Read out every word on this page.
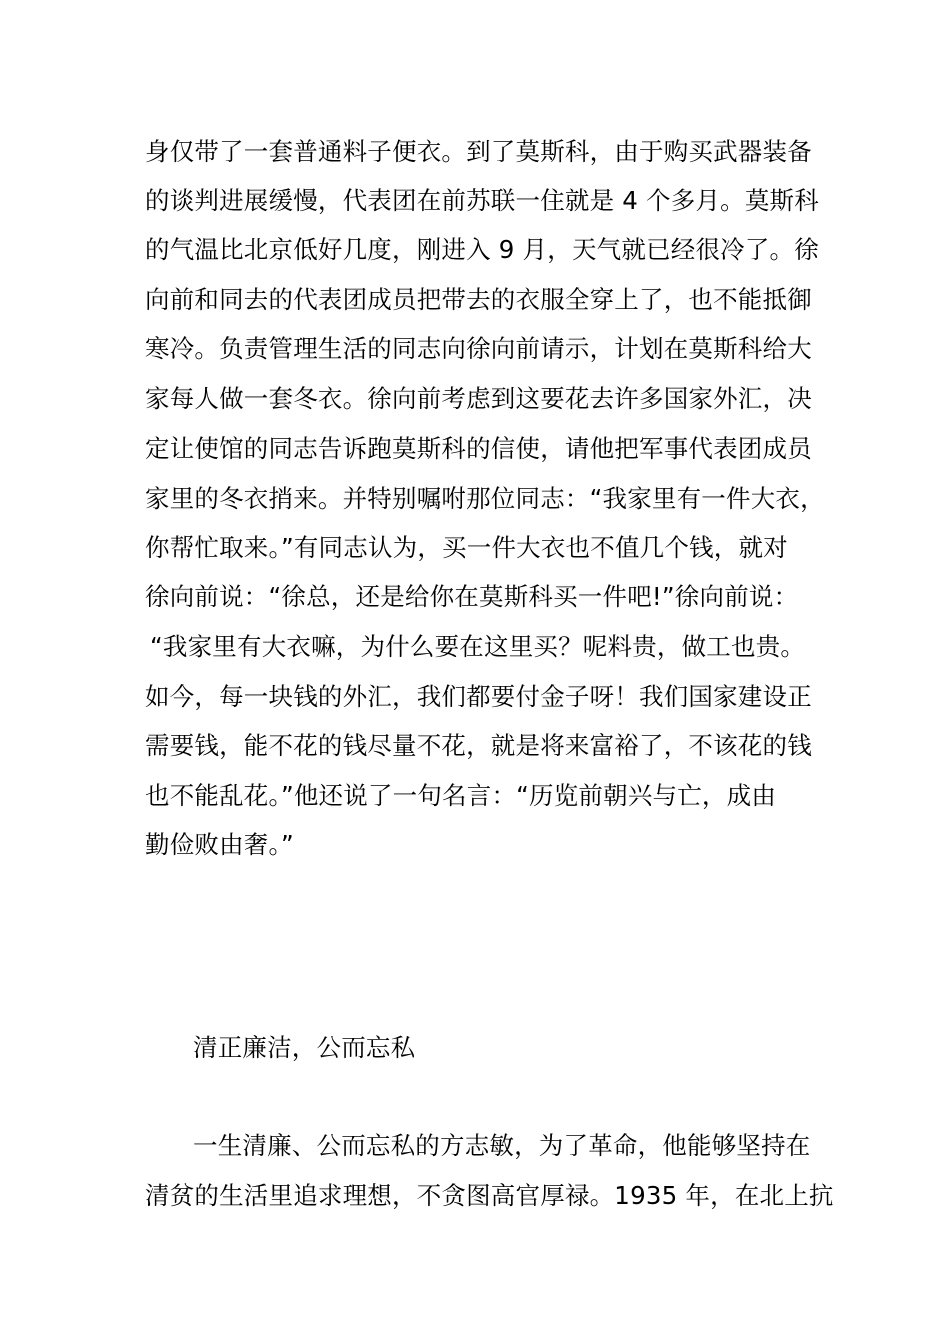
身仅带了一套普通料子便衣。到了莫斯科，由于购买武器装备
的谈判进展缓慢，代表团在前苏联一住就是 4 个多月。莫斯科
的气温比北京低好几度，刚进入 9 月，天气就已经很冷了。徐
向前和同去的代表团成员把带去的衣服全穿上了，也不能抵御
寒冷。负责管理生活的同志向徐向前请示，计划在莫斯科给大
家每人做一套冬衣。徐向前考虑到这要花去许多国家外汇，决
定让使馆的同志告诉跑莫斯科的信使，请他把军事代表团成员
家里的冬衣捎来。并特别嘱咐那位同志：“我家里有一件大衣，
你帮忙取来。”有同志认为，买一件大衣也不值几个钱，就对
徐向前说：“徐总，还是给你在莫斯科买一件吧!”徐向前说：
“我家里有大衣嘛，为什么要在这里买？呢料贵，做工也贵。
如今，每一块钱的外汇，我们都要付金子呀！我们国家建设正
需要钱，能不花的钱尽量不花，就是将来富裕了，不该花的钱
也不能乱花。”他还说了一句名言：“历览前朝兴与亡，成由
勤俭败由奢。”
清正廉洁，公而忘私
一生清廉、公而忘私的方志敏，为了革命，他能够坚持在
清贫的生活里追求理想，不贪图高官厚禄。1935 年，在北上抗
